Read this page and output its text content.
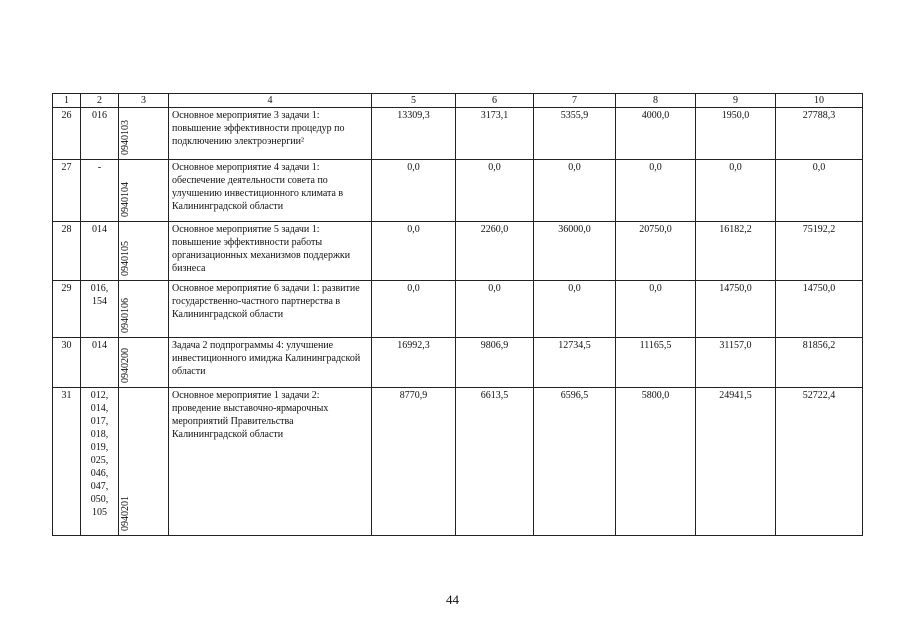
1	2	3	4	5	6	7	8	9	10
26	016	0940103	Основное мероприятие 3 задачи 1: повышение эффективности процедур по подключению электроэнергии²	13309,3	3173,1	5355,9	4000,0	1950,0	27788,3
27	-	0940104	Основное мероприятие 4 задачи 1: обеспечение деятельности совета по улучшению инвестиционного климата в Калининградской области	0,0	0,0	0,0	0,0	0,0	0,0
28	014	0940105	Основное мероприятие 5 задачи 1: повышение эффективности работы организационных механизмов поддержки бизнеса	0,0	2260,0	36000,0	20750,0	16182,2	75192,2
29	016, 154	0940106	Основное мероприятие 6 задачи 1: развитие государственно-частного партнерства в Калининградской области	0,0	0,0	0,0	0,0	14750,0	14750,0
30	014	0940200	Задача 2 подпрограммы 4: улучшение инвестиционного имиджа Калининградской области	16992,3	9806,9	12734,5	11165,5	31157,0	81856,2
31	012, 014, 017, 018, 019, 025, 046, 047, 050, 105	0940201	Основное мероприятие 1 задачи 2: проведение выставочно-ярмарочных мероприятий Правительства Калининградской области	8770,9	6613,5	6596,5	5800,0	24941,5	52722,4
44
